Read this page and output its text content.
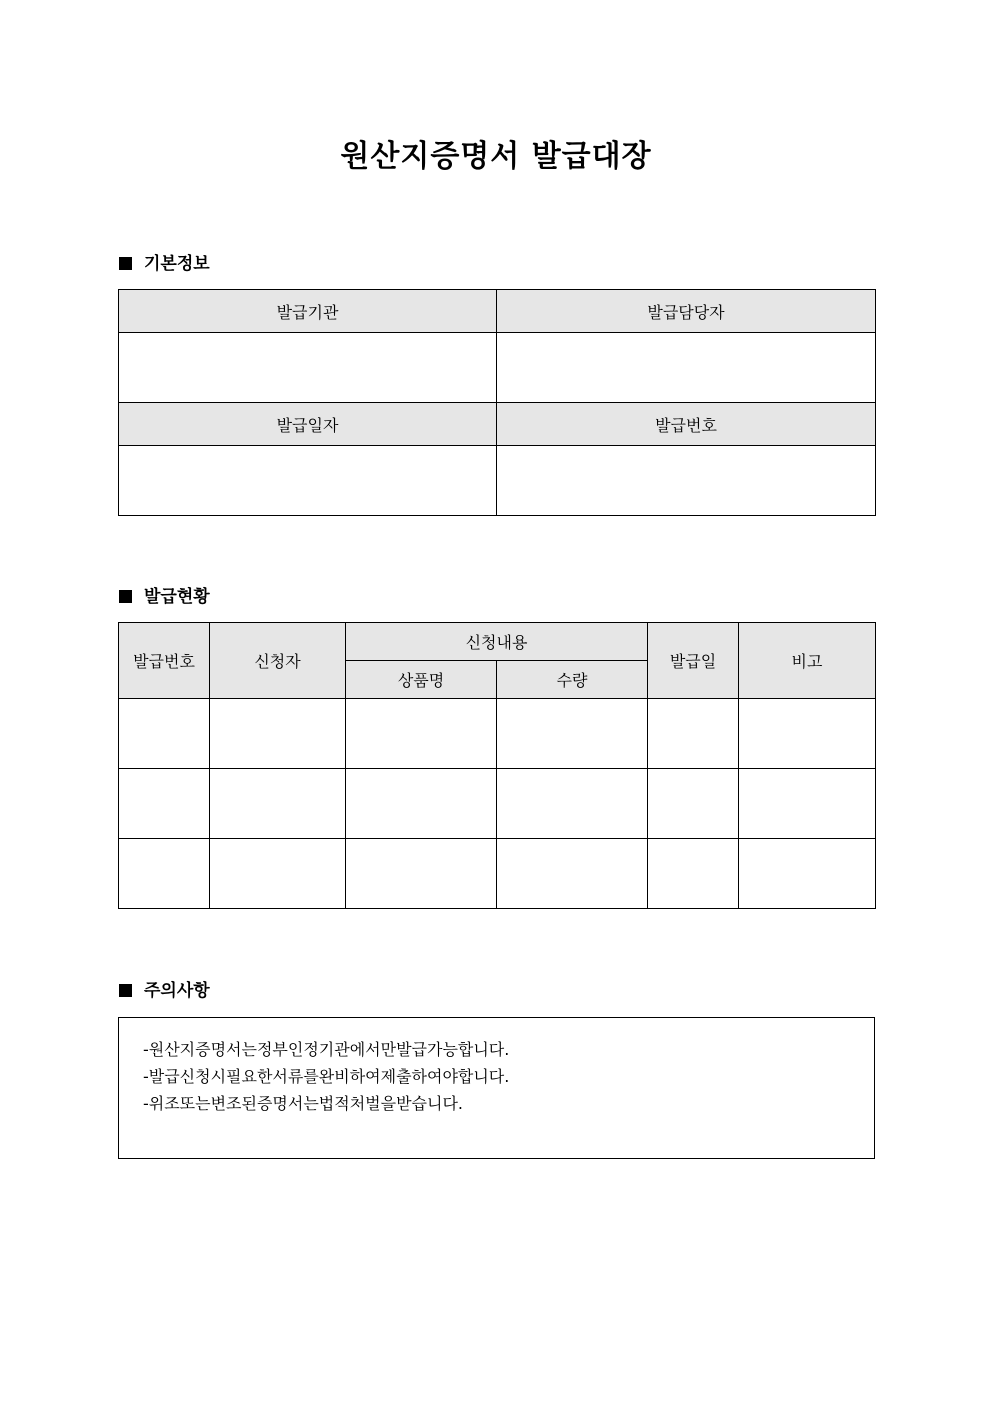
원산지증명서 발급대장
기본정보
발급기관	발급담당자

발급일자	발급번호

발급현황
발급번호	신청자	신청내용		발급일	비고
		상품명	수량		

주의사항
-원산지증명서는정부인정기관에서만발급가능합니다.
-발급신청시필요한서류를완비하여제출하여야합니다.
-위조또는변조된증명서는법적처벌을받습니다.
